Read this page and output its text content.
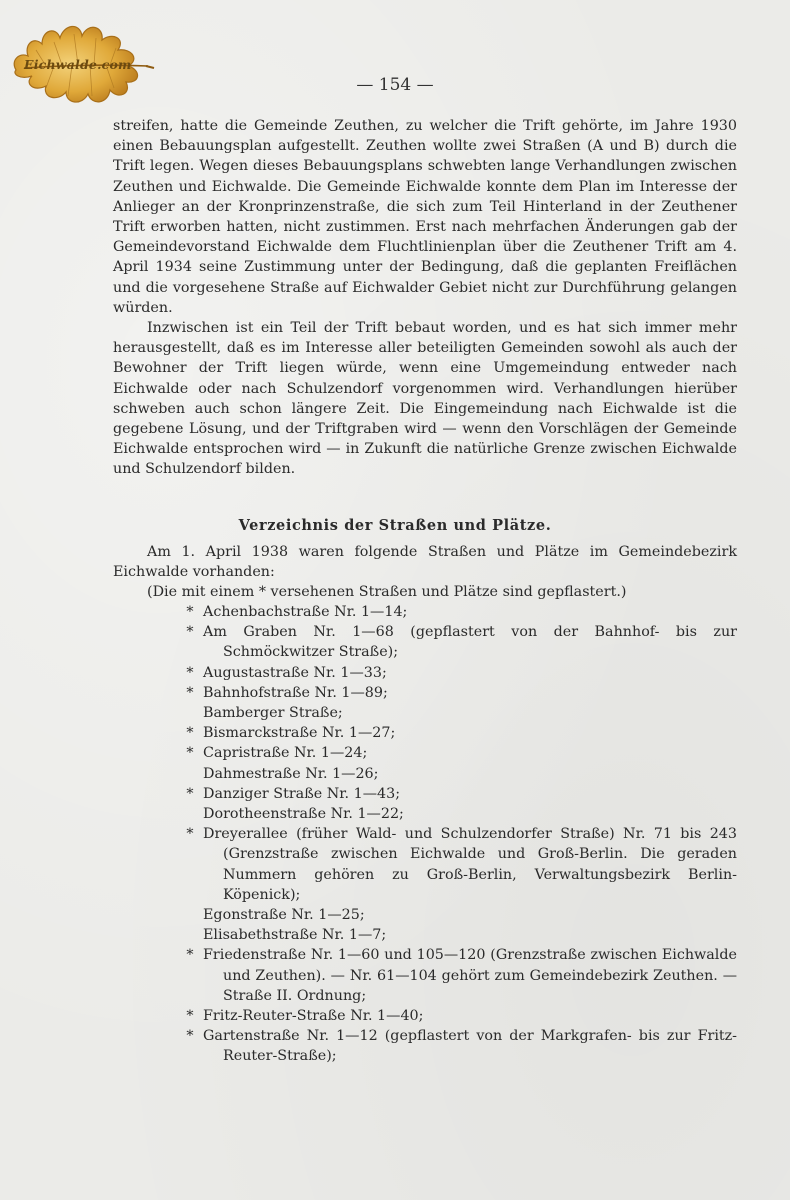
Eichwalde.com
— 154 —

streifen, hatte die Gemeinde Zeuthen, zu welcher die Trift gehörte, im Jahre 1930 einen Bebauungsplan aufgestellt. Zeuthen wollte zwei Straßen (A und B) durch die Trift legen. Wegen dieses Bebauungsplans schwebten lange Verhandlungen zwischen Zeuthen und Eichwalde. Die Gemeinde Eichwalde konnte dem Plan im Interesse der Anlieger an der Kronprinzenstraße, die sich zum Teil Hinterland in der Zeuthener Trift erworben hatten, nicht zustimmen. Erst nach mehrfachen Änderungen gab der Gemeindevorstand Eichwalde dem Fluchtlinienplan über die Zeuthener Trift am 4. April 1934 seine Zustimmung unter der Bedingung, daß die geplanten Freiflächen und die vorgesehene Straße auf Eichwalder Gebiet nicht zur Durchführung gelangen würden.

Inzwischen ist ein Teil der Trift bebaut worden, und es hat sich immer mehr herausgestellt, daß es im Interesse aller beteiligten Gemeinden sowohl als auch der Bewohner der Trift liegen würde, wenn eine Umgemeindung entweder nach Eichwalde oder nach Schulzendorf vorgenommen wird. Verhandlungen hierüber schweben auch schon längere Zeit. Die Eingemeindung nach Eichwalde ist die gegebene Lösung, und der Triftgraben wird — wenn den Vorschlägen der Gemeinde Eichwalde entsprochen wird — in Zukunft die natürliche Grenze zwischen Eichwalde und Schulzendorf bilden.

Verzeichnis der Straßen und Plätze.

Am 1. April 1938 waren folgende Straßen und Plätze im Gemeindebezirk Eichwalde vorhanden:

(Die mit einem * versehenen Straßen und Plätze sind gepflastert.)

* Achenbachstraße Nr. 1—14;
* Am Graben Nr. 1—68 (gepflastert von der Bahnhof- bis zur Schmöckwitzer Straße);
* Augustastraße Nr. 1—33;
* Bahnhofstraße Nr. 1—89;
Bamberger Straße;
* Bismarckstraße Nr. 1—27;
* Capristraße Nr. 1—24;
Dahmestraße Nr. 1—26;
* Danziger Straße Nr. 1—43;
Dorotheenstraße Nr. 1—22;
* Dreyerallee (früher Wald- und Schulzendorfer Straße) Nr. 71 bis 243 (Grenzstraße zwischen Eichwalde und Groß-Berlin. Die geraden Nummern gehören zu Groß-Berlin, Verwaltungsbezirk Berlin-Köpenick);
Egonstraße Nr. 1—25;
Elisabethstraße Nr. 1—7;
* Friedenstraße Nr. 1—60 und 105—120 (Grenzstraße zwischen Eichwalde und Zeuthen). — Nr. 61—104 gehört zum Gemeindebezirk Zeuthen. — Straße II. Ordnung;
* Fritz-Reuter-Straße Nr. 1—40;
* Gartenstraße Nr. 1—12 (gepflastert von der Markgrafen- bis zur Fritz-Reuter-Straße);
